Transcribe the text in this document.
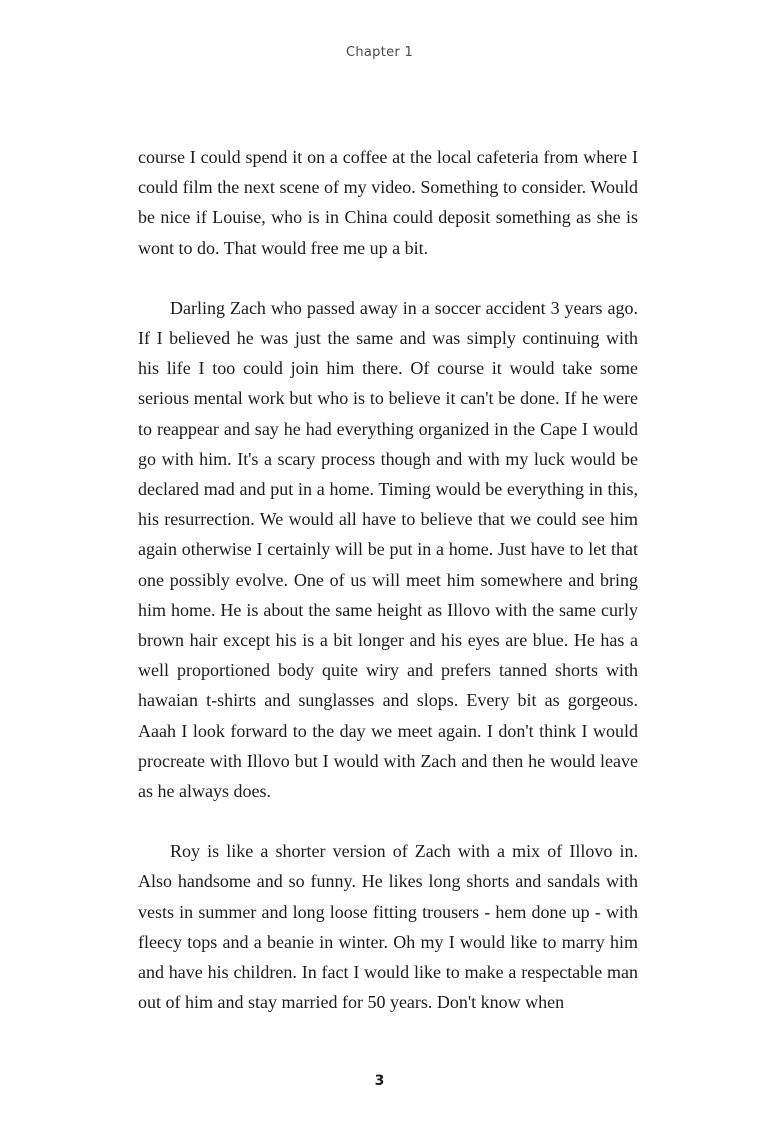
Chapter 1

course I could spend it on a coffee at the local cafeteria from where I could film the next scene of my video. Something to consider. Would be nice if Louise, who is in China could deposit something as she is wont to do. That would free me up a bit.

Darling Zach who passed away in a soccer accident 3 years ago. If I believed he was just the same and was simply continuing with his life I too could join him there. Of course it would take some serious mental work but who is to believe it can't be done. If he were to reappear and say he had everything organized in the Cape I would go with him. It's a scary process though and with my luck would be declared mad and put in a home. Timing would be everything in this, his resurrection. We would all have to believe that we could see him again otherwise I certainly will be put in a home. Just have to let that one possibly evolve. One of us will meet him somewhere and bring him home. He is about the same height as Illovo with the same curly brown hair except his is a bit longer and his eyes are blue. He has a well proportioned body quite wiry and prefers tanned shorts with hawaian t-shirts and sunglasses and slops. Every bit as gorgeous. Aaah I look forward to the day we meet again. I don't think I would procreate with Illovo but I would with Zach and then he would leave as he always does.

Roy is like a shorter version of Zach with a mix of Illovo in. Also handsome and so funny. He likes long shorts and sandals with vests in summer and long loose fitting trousers - hem done up - with fleecy tops and a beanie in winter. Oh my I would like to marry him and have his children. In fact I would like to make a respectable man out of him and stay married for 50 years. Don't know when

3
